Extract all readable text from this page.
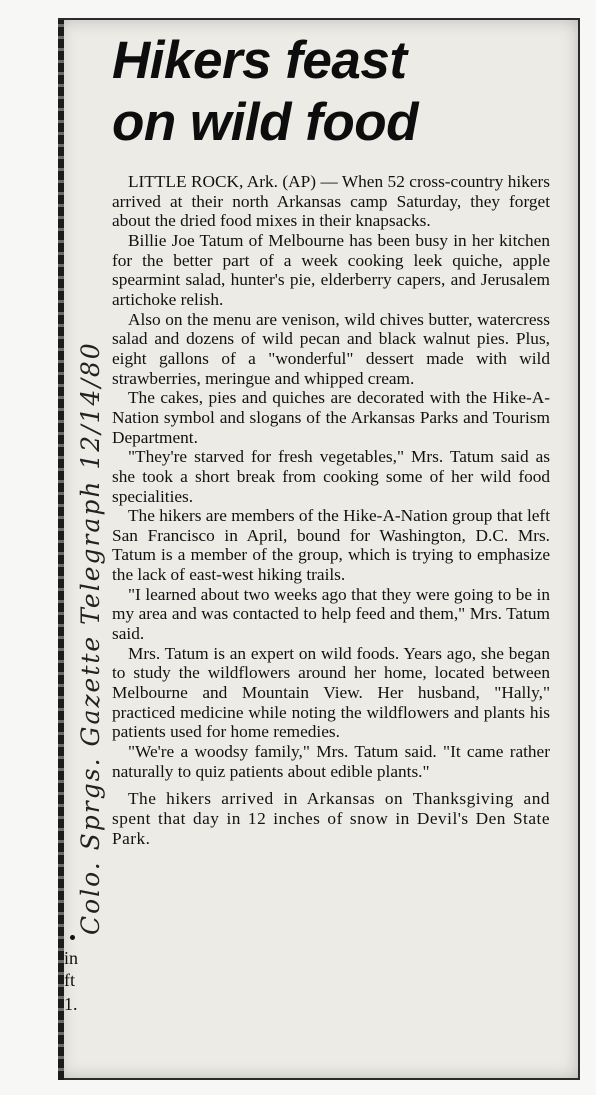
Hikers feast
on wild food

LITTLE ROCK, Ark. (AP) — When 52 cross-country hikers arrived at their north Arkansas camp Saturday, they forget about the dried food mixes in their knapsacks.

Billie Joe Tatum of Melbourne has been busy in her kitchen for the better part of a week cooking leek quiche, apple spearmint salad, hunter's pie, elderberry capers, and Jerusalem artichoke relish.

Also on the menu are venison, wild chives butter, watercress salad and dozens of wild pecan and black walnut pies. Plus, eight gallons of a "wonderful" dessert made with wild strawberries, meringue and whipped cream.

The cakes, pies and quiches are decorated with the Hike-A-Nation symbol and slogans of the Arkansas Parks and Tourism Department.

"They're starved for fresh vegetables," Mrs. Tatum said as she took a short break from cooking some of her wild food specialities.

The hikers are members of the Hike-A-Nation group that left San Francisco in April, bound for Washington, D.C. Mrs. Tatum is a member of the group, which is trying to emphasize the lack of east-west hiking trails.

"I learned about two weeks ago that they were going to be in my area and was contacted to help feed and them," Mrs. Tatum said.

Mrs. Tatum is an expert on wild foods. Years ago, she began to study the wildflowers around her home, located between Melbourne and Mountain View. Her husband, "Hally," practiced medicine while noting the wildflowers and plants his patients used for home remedies.

"We're a woodsy family," Mrs. Tatum said. "It came rather naturally to quiz patients about edible plants."

The hikers arrived in Arkansas on Thanksgiving and spent that day in 12 inches of snow in Devil's Den State Park.

Colo. Sprgs. Gazette Telegraph 12/14/80
in
ft
1.
